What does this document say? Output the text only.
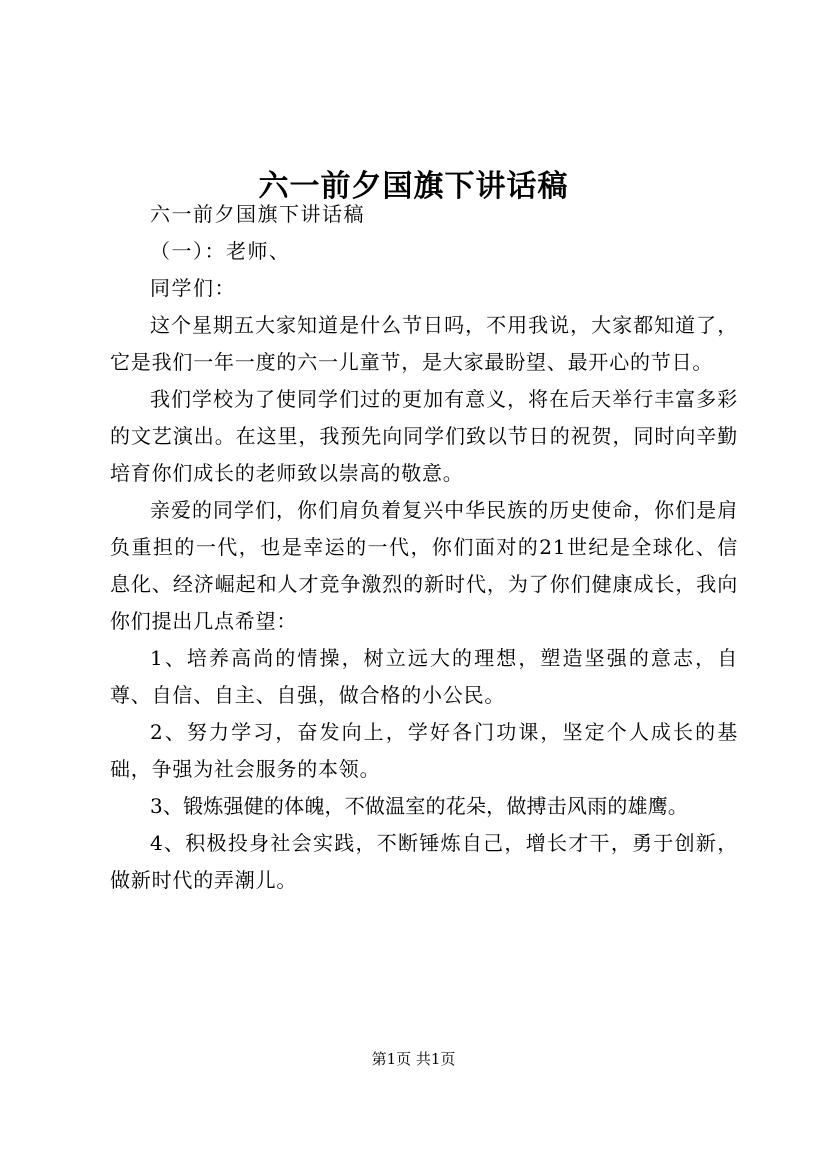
六一前夕国旗下讲话稿

六一前夕国旗下讲话稿

（一）：老师、

同学们：

这个星期五大家知道是什么节日吗，不用我说，大家都知道了，它是我们一年一度的六一儿童节，是大家最盼望、最开心的节日。

我们学校为了使同学们过的更加有意义，将在后天举行丰富多彩的文艺演出。在这里，我预先向同学们致以节日的祝贺，同时向辛勤培育你们成长的老师致以崇高的敬意。

亲爱的同学们，你们肩负着复兴中华民族的历史使命，你们是肩负重担的一代，也是幸运的一代，你们面对的21世纪是全球化、信息化、经济崛起和人才竞争激烈的新时代，为了你们健康成长，我向你们提出几点希望：

1、培养高尚的情操，树立远大的理想，塑造坚强的意志，自尊、自信、自主、自强，做合格的小公民。

2、努力学习，奋发向上，学好各门功课，坚定个人成长的基础，争强为社会服务的本领。

3、锻炼强健的体魄，不做温室的花朵，做搏击风雨的雄鹰。

4、积极投身社会实践，不断锤炼自己，增长才干，勇于创新，做新时代的弄潮儿。

第1页 共1页
